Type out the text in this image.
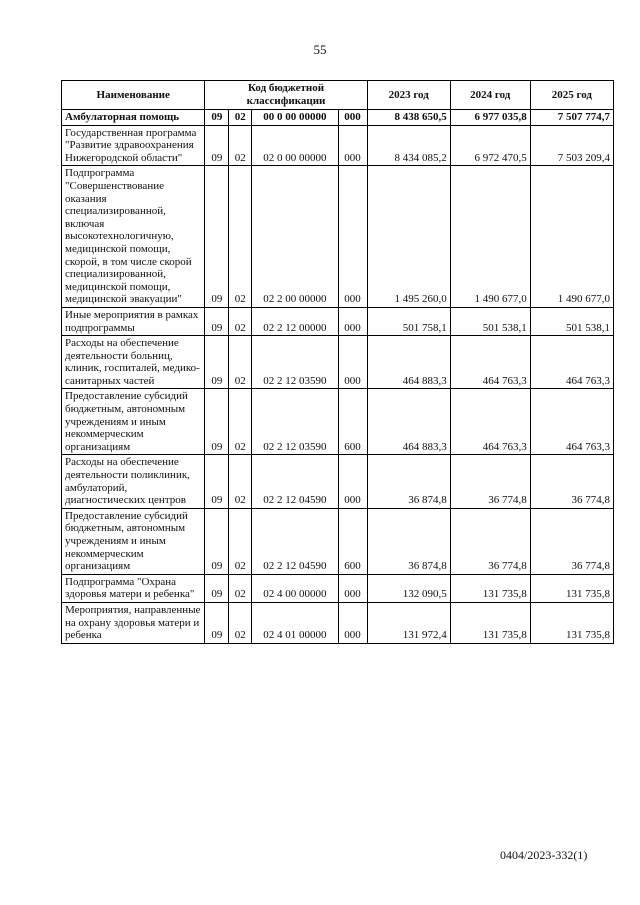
55
Наименование	Код бюджетной классификации				2023 год	2024 год	2025 год
Амбулаторная помощь	09	02	00 0 00 00000	000	8 438 650,5	6 977 035,8	7 507 774,7
Государственная программа "Развитие здравоохранения Нижегородской области"	09	02	02 0 00 00000	000	8 434 085,2	6 972 470,5	7 503 209,4
Подпрограмма "Совершенствование оказания специализированной, включая высокотехнологичную, медицинской помощи, скорой, в том числе скорой специализированной, медицинской помощи, медицинской эвакуации"	09	02	02 2 00 00000	000	1 495 260,0	1 490 677,0	1 490 677,0
Иные мероприятия в рамках подпрограммы	09	02	02 2 12 00000	000	501 758,1	501 538,1	501 538,1
Расходы на обеспечение деятельности больниц, клиник, госпиталей, медико-санитарных частей	09	02	02 2 12 03590	000	464 883,3	464 763,3	464 763,3
Предоставление субсидий бюджетным, автономным учреждениям и иным некоммерческим организациям	09	02	02 2 12 03590	600	464 883,3	464 763,3	464 763,3
Расходы на обеспечение деятельности поликлиник, амбулаторий, диагностических центров	09	02	02 2 12 04590	000	36 874,8	36 774,8	36 774,8
Предоставление субсидий бюджетным, автономным учреждениям и иным некоммерческим организациям	09	02	02 2 12 04590	600	36 874,8	36 774,8	36 774,8
Подпрограмма "Охрана здоровья матери и ребенка"	09	02	02 4 00 00000	000	132 090,5	131 735,8	131 735,8
Мероприятия, направленные на охрану здоровья матери и ребенка	09	02	02 4 01 00000	000	131 972,4	131 735,8	131 735,8
0404/2023-332(1)
